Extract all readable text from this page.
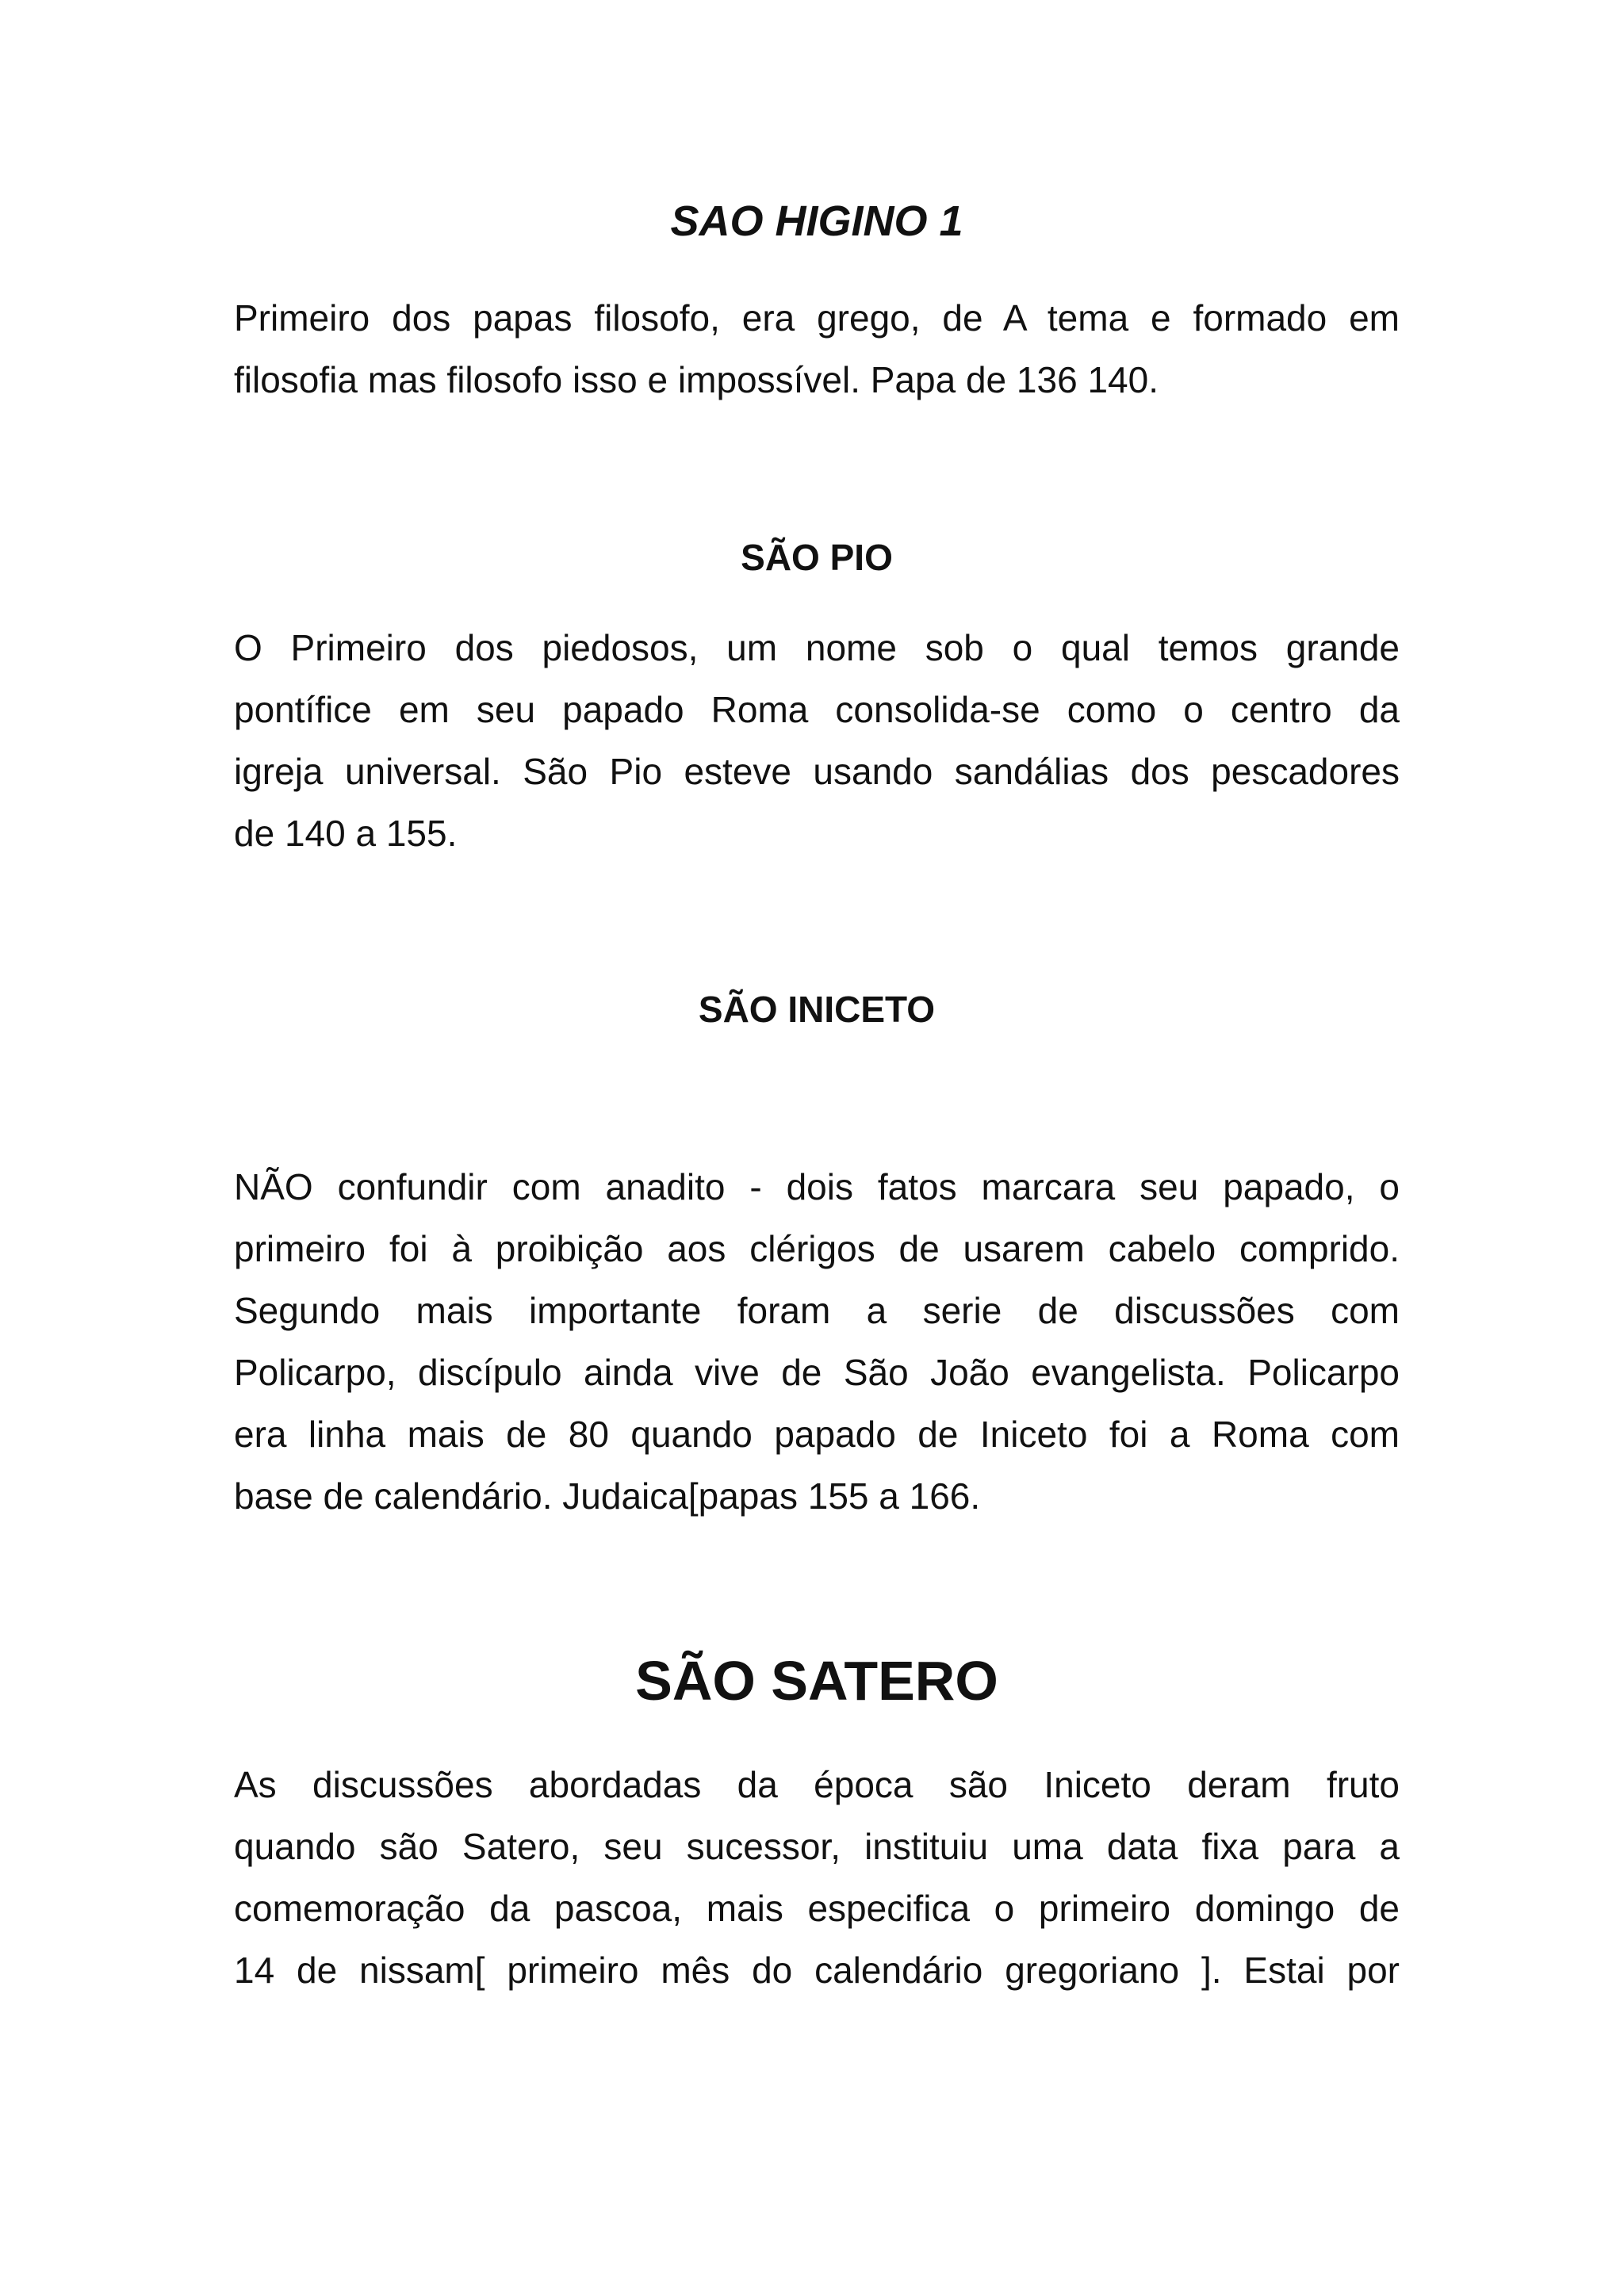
SAO HIGINO 1

Primeiro dos papas filosofo, era grego, de A tema e formado em
filosofia mas filosofo isso e impossível. Papa de 136 140.

SÃO PIO

O Primeiro dos piedosos, um nome sob o qual temos grande
pontífice em seu papado Roma consolida-se como o centro da
igreja universal. São Pio esteve usando sandálias dos pescadores
de 140 a 155.

SÃO INICETO

NÃO confundir com anadito - dois fatos marcara seu papado, o
primeiro foi à proibição aos clérigos de usarem cabelo comprido.
Segundo mais importante foram a serie de discussões com
Policarpo, discípulo ainda vive de São João evangelista. Policarpo
era linha mais de 80 quando papado de Iniceto foi a Roma com
base de calendário. Judaica[papas 155 a 166.

SÃO SATERO

As discussões abordadas da época são Iniceto deram fruto
quando são Satero, seu sucessor, instituiu uma data fixa para a
comemoração da pascoa, mais especifica o primeiro domingo de
14 de nissam[ primeiro mês do calendário gregoriano ]. Estai por
